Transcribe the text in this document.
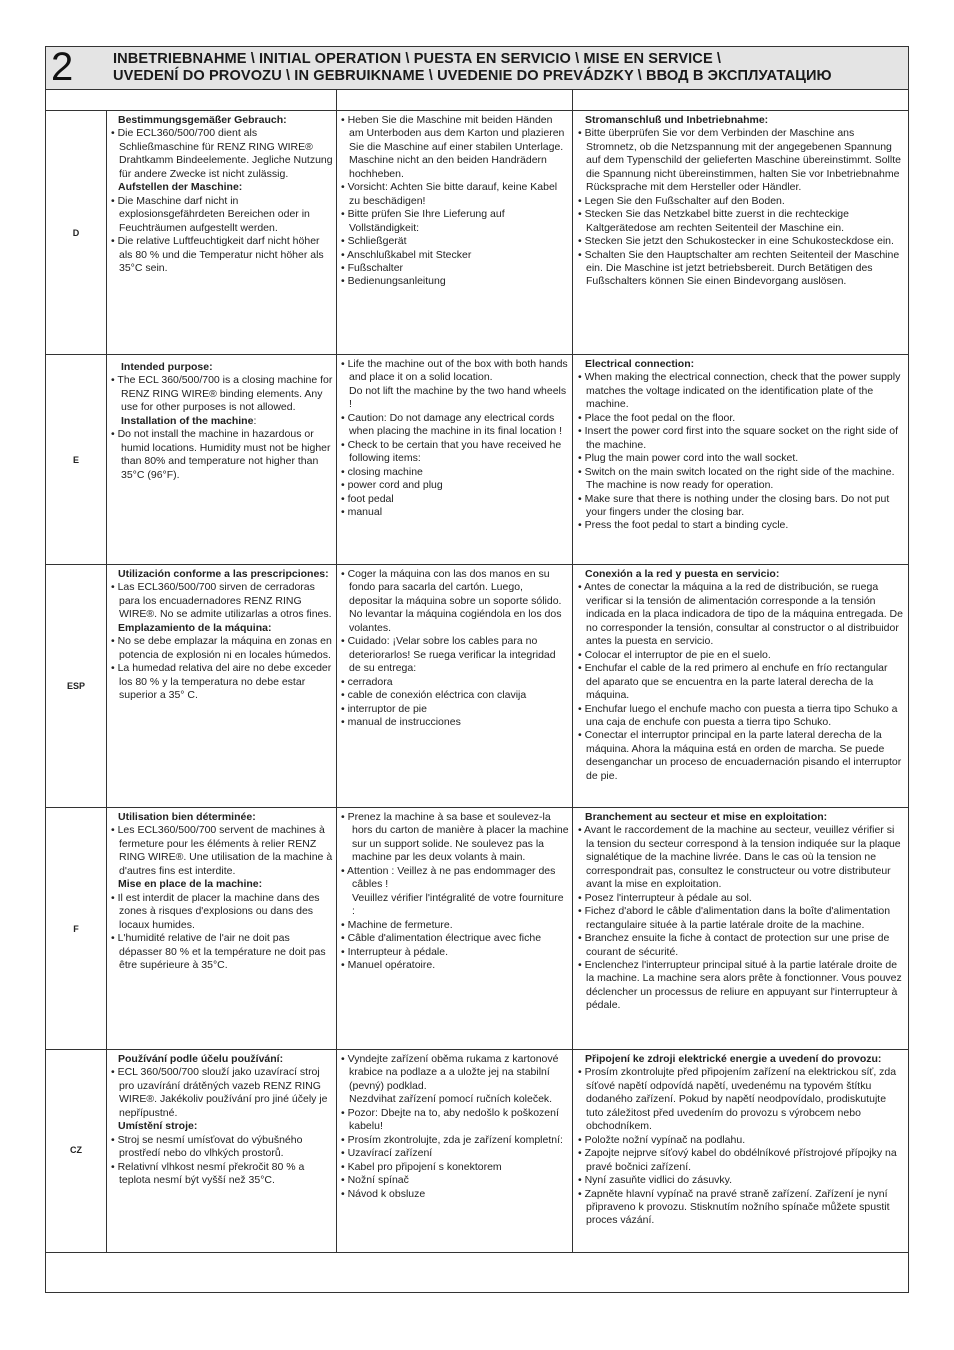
2	INBETRIEBNAHME \ INITIAL OPERATION \ PUESTA EN SERVICIO \ MISE EN SERVICE \
UVEDENÍ DO PROVOZU \ IN GEBRUIKNAME \ UVEDENIE DO PREVÁDZKY \ ВВОД В ЭКСПЛУАТАЦИЮ
D
Bestimmungsgemäßer Gebrauch:
• Die ECL360/500/700 dient als Schließmaschine für RENZ RING WIRE® Drahtkamm Bindeelemente. Jegliche Nutzung für andere Zwecke ist nicht zulässig.
Aufstellen der Maschine:
• Die Maschine darf nicht in explosionsgefährdeten Bereichen oder in Feuchträumen aufgestellt werden.
• Die relative Luftfeuchtigkeit darf nicht höher als 80 % und die Temperatur nicht höher als 35°C sein.
• Heben Sie die Maschine mit beiden Händen am Unterboden aus dem Karton und plazieren Sie die Maschine auf einer stabilen Unterlage. Maschine nicht an den beiden Handrädern hochheben.
• Vorsicht: Achten Sie bitte darauf, keine Kabel zu beschädigen!
• Bitte prüfen Sie Ihre Lieferung auf Vollständigkeit:
• Schließgerät
• Anschlußkabel mit Stecker
• Fußschalter
• Bedienungsanleitung
Stromanschluß und Inbetriebnahme:
• Bitte überprüfen Sie vor dem Verbinden der Maschine ans Stromnetz, ob die Netzspannung mit der angegebenen Spannung auf dem Typenschild der gelieferten Maschine übereinstimmt. Sollte die Spannung nicht übereinstimmen, halten Sie vor Inbetriebnahme Rücksprache mit dem Hersteller oder Händler.
• Legen Sie den Fußschalter auf den Boden.
• Stecken Sie das Netzkabel bitte zuerst in die rechteckige Kaltgerätedose am rechten Seitenteil der Maschine ein.
• Stecken Sie jetzt den Schukostecker in eine Schukosteckdose ein.
• Schalten Sie den Hauptschalter am rechten Seitenteil der Maschine ein. Die Maschine ist jetzt betriebsbereit. Durch Betätigen des Fußschalters können Sie einen Bindevorgang auslösen.
E
Intended purpose:
• The ECL 360/500/700 is a closing machine for RENZ RING WIRE® binding elements. Any use for other purposes is not allowed.
Installation of the machine:
• Do not install the machine in hazardous or humid locations. Humidity must not be higher than 80% and temperature not higher than 35°C (96°F).
• Life the machine out of the box with both hands and place it on a solid location.
Do not lift the machine by the two hand wheels !
• Caution: Do not damage any electrical cords when placing the machine in its final location !
• Check to be certain that you have received he following items:
• closing machine
• power cord and plug
• foot pedal
• manual
Electrical connection:
• When making the electrical connection, check that the power supply matches the voltage indicated on the identification plate of the machine.
• Place the foot pedal on the floor.
• Insert the power cord first into the square socket on the right side of the machine.
• Plug the main power cord into the wall socket.
• Switch on the main switch located on the right side of the machine. The machine is now ready for operation.
• Make sure that there is nothing under the closing bars. Do not put your fingers under the closing bar.
• Press the foot pedal to start a binding cycle.
ESP
Utilización conforme a las prescripciones:
• Las ECL360/500/700 sirven de cerradoras para los encuadernadores RENZ RING WIRE®. No se admite utilizarlas a otros fines.
Emplazamiento de la máquina:
• No se debe emplazar la máquina en zonas en potencia de explosión ni en locales húmedos.
• La humedad relativa del aire no debe exceder los 80 % y la temperatura no debe estar superior a 35° C.
• Coger la máquina con las dos manos en su fondo para sacarla del cartón. Luego, depositar la máquina sobre un soporte sólido. No levantar la máquina cogiéndola en los dos volantes.
• Cuidado: ¡Velar sobre los cables para no deteriorarlos! Se ruega verificar la integridad de su entrega:
• cerradora
• cable de conexión eléctrica con clavija
• interruptor de pie
• manual de instrucciones
Conexión a la red y puesta en servicio:
• Antes de conectar la máquina a la red de distribución, se ruega verificar si la tensión de alimentación corresponde a la tensión indicada en la placa indicadora de tipo de la máquina entregada. De no corresponder la tensión, consultar al constructor o al distribuidor antes la puesta en servicio.
• Colocar el interruptor de pie en el suelo.
• Enchufar el cable de la red primero al enchufe en frío rectangular del aparato que se encuentra en la parte lateral derecha de la máquina.
• Enchufar luego el enchufe macho con puesta a tierra tipo Schuko a una caja de enchufe con puesta a tierra tipo Schuko.
• Conectar el interruptor principal en la parte lateral derecha de la máquina. Ahora la máquina está en orden de marcha. Se puede desenganchar un proceso de encuadernación pisando el interruptor de pie.
F
Utilisation bien déterminée:
• Les ECL360/500/700 servent de machines à fermeture pour les éléments à relier RENZ RING WIRE®. Une utilisation de la machine à d'autres fins est interdite.
Mise en place de la machine:
• Il est interdit de placer la machine dans des zones à risques d'explosions ou dans des locaux humides.
• L'humidité relative de l'air ne doit pas dépasser 80 % et la température ne doit pas être supérieure à 35°C.
• Prenez la machine à sa base et soulevez-la hors du carton de manière à placer la machine sur un support solide. Ne soulevez pas la machine par les deux volants à main.
• Attention : Veillez à ne pas endommager des câbles !
Veuillez vérifier l'intégralité de votre fourniture :
• Machine de fermeture.
• Câble d'alimentation électrique avec fiche
• Interrupteur à pédale.
• Manuel opératoire.
Branchement au secteur et mise en exploitation:
• Avant le raccordement de la machine au secteur, veuillez vérifier si la tension du secteur correspond à la tension indiquée sur la plaque signalétique de la machine livrée. Dans le cas où la tension ne correspondrait pas, consultez le constructeur ou votre distributeur avant la mise en exploitation.
• Posez l'interrupteur à pédale au sol.
• Fichez d'abord le câble d'alimentation dans la boîte d'alimentation rectangulaire située à la partie latérale droite de la machine.
• Branchez ensuite la fiche à contact de protection sur une prise de courant de sécurité.
• Enclenchez l'interrupteur principal situé à la partie latérale droite de la machine. La machine sera alors prête à fonctionner. Vous pouvez déclencher un processus de reliure en appuyant sur l'interrupteur à pédale.
CZ
Používání podle účelu používání:
• ECL 360/500/700 slouží jako uzavírací stroj pro uzavírání drátěných vazeb RENZ RING WIRE®. Jakékoliv používání pro jiné účely je nepřípustné.
Umístění stroje:
• Stroj se nesmí umísťovat do výbušného prostředí nebo do vlhkých prostorů.
• Relativní vlhkost nesmí překročit 80 % a teplota nesmí být vyšší než 35°C.
• Vyndejte zařízení oběma rukama z kartonové krabice na podlaze a a uložte jej na stabilní (pevný) podklad.
Nezdvihat zařízení pomocí ručních koleček.
• Pozor: Dbejte na to, aby nedošlo k poškození kabelu!
• Prosím zkontrolujte, zda je zařízení kompletní:
• Uzavírací zařízení
• Kabel pro připojení s konektorem
• Nožní spínač
• Návod k obsluze
Připojení ke zdroji elektrické energie a uvedení do provozu:
• Prosím zkontrolujte před připojením zařízení na elektrickou síť, zda síťové napětí odpovídá napětí, uvedenému na typovém štítku dodaného zařízení. Pokud by napětí neodpovídalo, prodiskutujte tuto záležitost před uvedením do provozu s výrobcem nebo obchodníkem.
• Položte nožní vypínač na podlahu.
• Zapojte nejprve síťový kabel do obdélníkové přístrojové přípojky na pravé bočnici zařízení.
• Nyní zasuňte vidlici do zásuvky.
• Zapněte hlavní vypínač na pravé straně zařízení. Zařízení je nyní připraveno k provozu. Stisknutím nožního spínače můžete spustit proces vázání.
